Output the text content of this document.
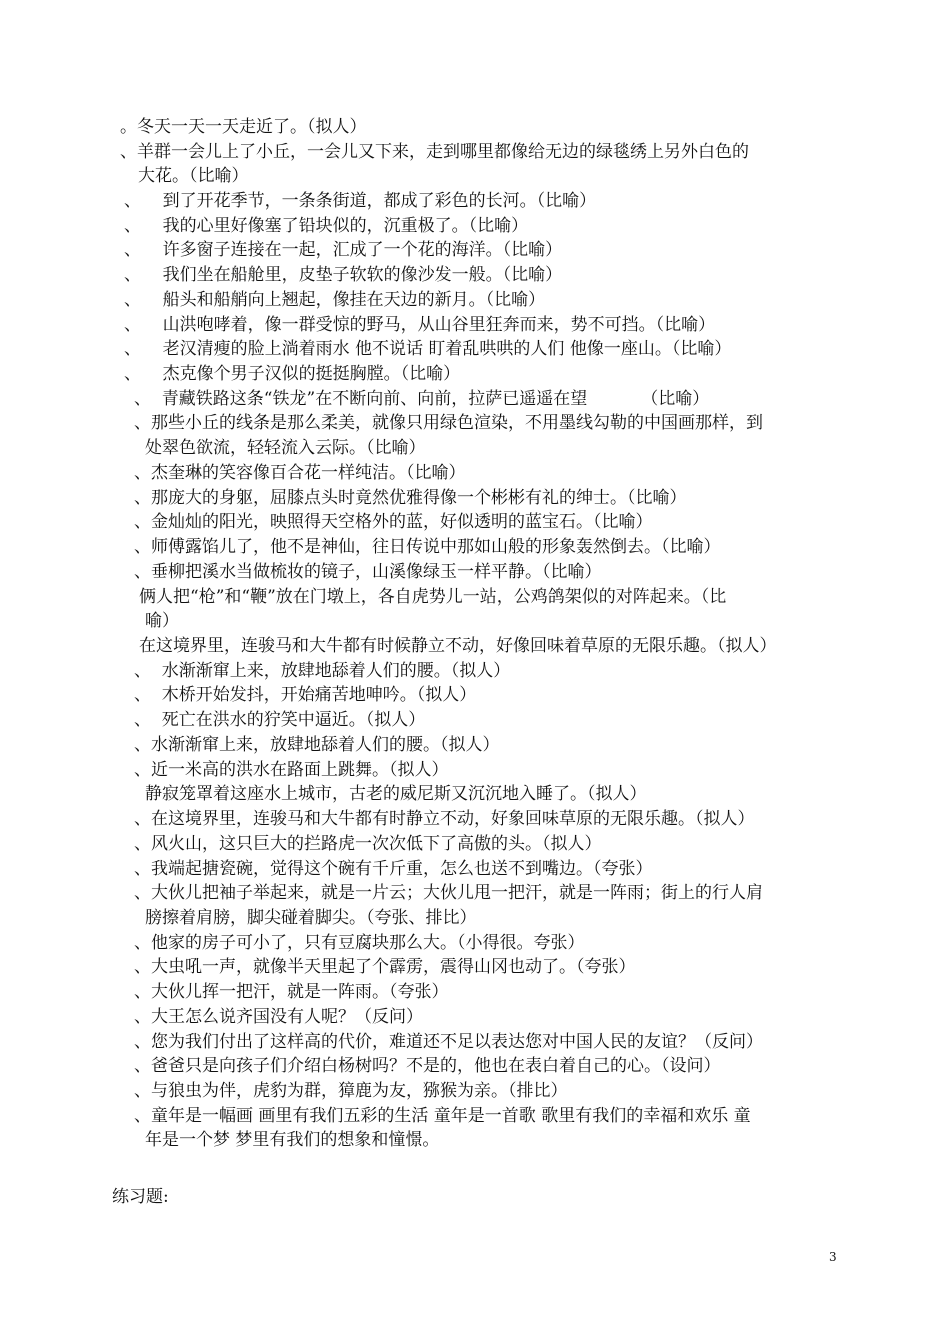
。冬天一天一天走近了。（拟人）
、羊群一会儿上了小丘，一会儿又下来，走到哪里都像给无边的绿毯绣上另外白色的
大花。（比喻）
、    到了开花季节，一条条街道，都成了彩色的长河。（比喻）
、    我的心里好像塞了铅块似的，沉重极了。（比喻）
、    许多窗子连接在一起，汇成了一个花的海洋。（比喻）
、    我们坐在船舱里，皮垫子软软的像沙发一般。（比喻）
、    船头和船艄向上翘起，像挂在天边的新月。（比喻）
、    山洪咆哮着，像一群受惊的野马，从山谷里狂奔而来，势不可挡。（比喻）
、    老汉清瘦的脸上淌着雨水 他不说话 盯着乱哄哄的人们 他像一座山。（比喻）
、    杰克像个男子汉似的挺挺胸膛。（比喻）
、  青藏铁路这条“铁龙”在不断向前、向前，拉萨已遥遥在望          （比喻）
、那些小丘的线条是那么柔美，就像只用绿色渲染，不用墨线勾勒的中国画那样，到
处翠色欲流，轻轻流入云际。（比喻）
、杰奎琳的笑容像百合花一样纯洁。（比喻）
、那庞大的身躯，屈膝点头时竟然优雅得像一个彬彬有礼的绅士。（比喻）
、金灿灿的阳光，映照得天空格外的蓝，好似透明的蓝宝石。（比喻）
、师傅露馅儿了，他不是神仙，往日传说中那如山般的形象轰然倒去。（比喻）
、垂柳把溪水当做梳妆的镜子，山溪像绿玉一样平静。（比喻）
俩人把“枪”和“鞭”放在门墩上，各自虎势儿一站，公鸡鸽架似的对阵起来。（比
喻）
在这境界里，连骏马和大牛都有时候静立不动，好像回味着草原的无限乐趣。（拟人）
、  水渐渐窜上来，放肆地舔着人们的腰。（拟人）
、  木桥开始发抖，开始痛苦地呻吟。（拟人）
、  死亡在洪水的狞笑中逼近。（拟人）
、水渐渐窜上来，放肆地舔着人们的腰。（拟人）
、近一米高的洪水在路面上跳舞。（拟人）
静寂笼罩着这座水上城市，古老的威尼斯又沉沉地入睡了。（拟人）
、在这境界里，连骏马和大牛都有时静立不动，好象回味草原的无限乐趣。（拟人）
、风火山，这只巨大的拦路虎一次次低下了高傲的头。（拟人）
、我端起搪瓷碗，觉得这个碗有千斤重，怎么也送不到嘴边。（夸张）
、大伙儿把袖子举起来，就是一片云；大伙儿甩一把汗，就是一阵雨；街上的行人肩
膀擦着肩膀，脚尖碰着脚尖。（夸张、排比）
、他家的房子可小了，只有豆腐块那么大。（小得很。夸张）
、大虫吼一声，就像半天里起了个霹雳，震得山冈也动了。（夸张）
、大伙儿挥一把汗，就是一阵雨。（夸张）
、大王怎么说齐国没有人呢？（反问）
、您为我们付出了这样高的代价，难道还不足以表达您对中国人民的友谊？（反问）
、爸爸只是向孩子们介绍白杨树吗？不是的，他也在表白着自己的心。（设问）
、与狼虫为伴，虎豹为群，獐鹿为友，猕猴为亲。（排比）
、童年是一幅画 画里有我们五彩的生活 童年是一首歌 歌里有我们的幸福和欢乐 童
年是一个梦 梦里有我们的想象和憧憬。
练习题:
3
